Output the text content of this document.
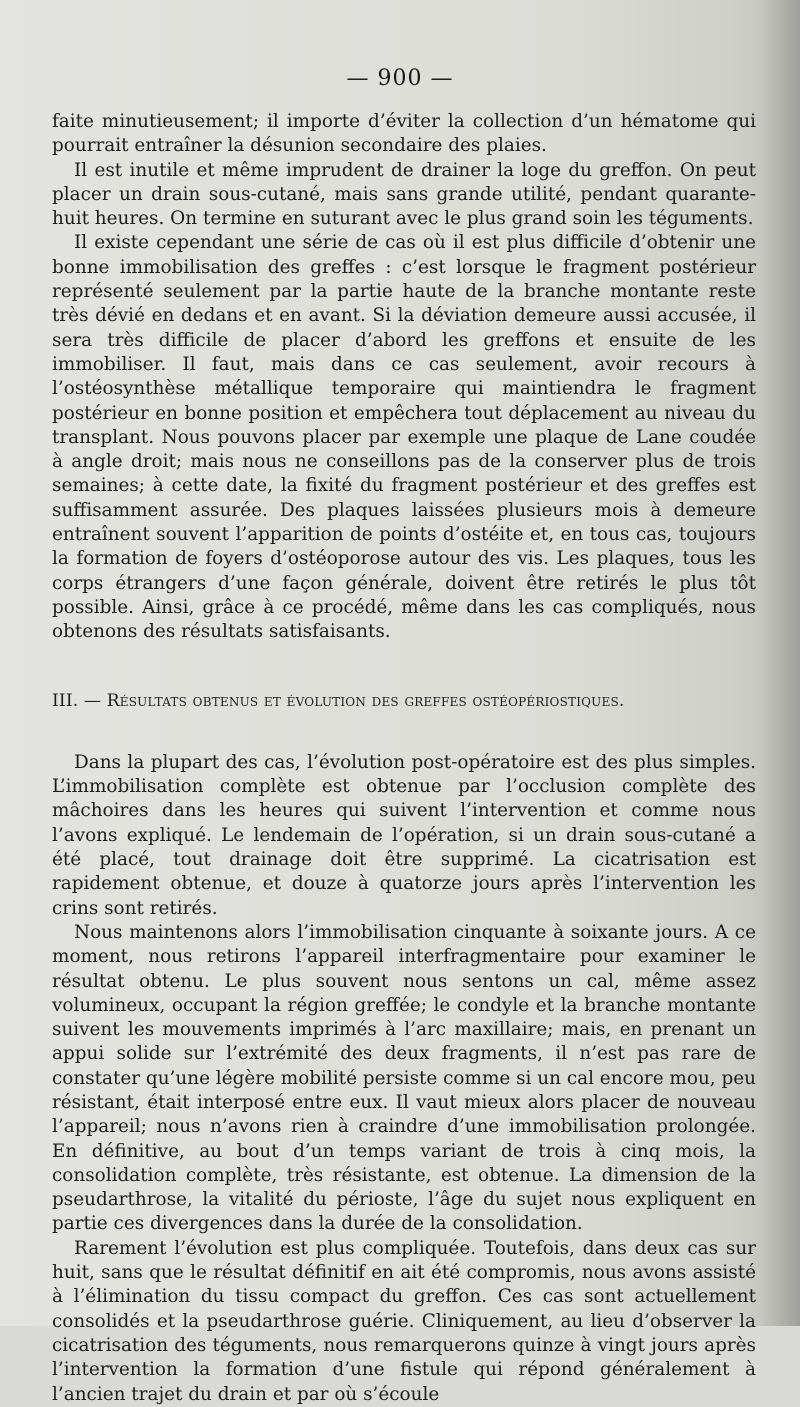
— 900 —

faite minutieusement; il importe d’éviter la collection d’un hématome qui pourrait entraîner la désunion secondaire des plaies.

Il est inutile et même imprudent de drainer la loge du greffon. On peut placer un drain sous-cutané, mais sans grande utilité, pendant quarante-huit heures. On termine en suturant avec le plus grand soin les téguments.

Il existe cependant une série de cas où il est plus difficile d’obtenir une bonne immobilisation des greffes : c’est lorsque le fragment postérieur représenté seulement par la partie haute de la branche montante reste très dévié en dedans et en avant. Si la déviation demeure aussi accusée, il sera très difficile de placer d’abord les greffons et ensuite de les immobiliser. Il faut, mais dans ce cas seulement, avoir recours à l’ostéosynthèse métallique temporaire qui maintiendra le fragment postérieur en bonne position et empêchera tout déplacement au niveau du transplant. Nous pouvons placer par exemple une plaque de Lane coudée à angle droit; mais nous ne conseillons pas de la conserver plus de trois semaines; à cette date, la fixité du fragment postérieur et des greffes est suffisamment assurée. Des plaques laissées plusieurs mois à demeure entraînent souvent l’apparition de points d’ostéite et, en tous cas, toujours la formation de foyers d’ostéoporose autour des vis. Les plaques, tous les corps étrangers d’une façon générale, doivent être retirés le plus tôt possible. Ainsi, grâce à ce procédé, même dans les cas compliqués, nous obtenons des résultats satisfaisants.

III. — Résultats obtenus et évolution des greffes ostéopériostiques.

Dans la plupart des cas, l’évolution post-opératoire est des plus simples. L’immobilisation complète est obtenue par l’occlusion complète des mâchoires dans les heures qui suivent l’intervention et comme nous l’avons expliqué. Le lendemain de l’opération, si un drain sous-cutané a été placé, tout drainage doit être supprimé. La cicatrisation est rapidement obtenue, et douze à quatorze jours après l’intervention les crins sont retirés.

Nous maintenons alors l’immobilisation cinquante à soixante jours. A ce moment, nous retirons l’appareil interfragmentaire pour examiner le résultat obtenu. Le plus souvent nous sentons un cal, même assez volumineux, occupant la région greffée; le condyle et la branche montante suivent les mouvements imprimés à l’arc maxillaire; mais, en prenant un appui solide sur l’extrémité des deux fragments, il n’est pas rare de constater qu’une légère mobilité persiste comme si un cal encore mou, peu résistant, était interposé entre eux. Il vaut mieux alors placer de nouveau l’appareil; nous n’avons rien à craindre d’une immobilisation prolongée. En définitive, au bout d’un temps variant de trois à cinq mois, la consolidation complète, très résistante, est obtenue. La dimension de la pseudarthrose, la vitalité du périoste, l’âge du sujet nous expliquent en partie ces divergences dans la durée de la consolidation.

Rarement l’évolution est plus compliquée. Toutefois, dans deux cas sur huit, sans que le résultat définitif en ait été compromis, nous avons assisté à l’élimination du tissu compact du greffon. Ces cas sont actuellement consolidés et la pseudarthrose guérie. Cliniquement, au lieu d’observer la cicatrisation des téguments, nous remarquerons quinze à vingt jours après l’intervention la formation d’une fistule qui répond généralement à l’ancien trajet du drain et par où s’écoule
